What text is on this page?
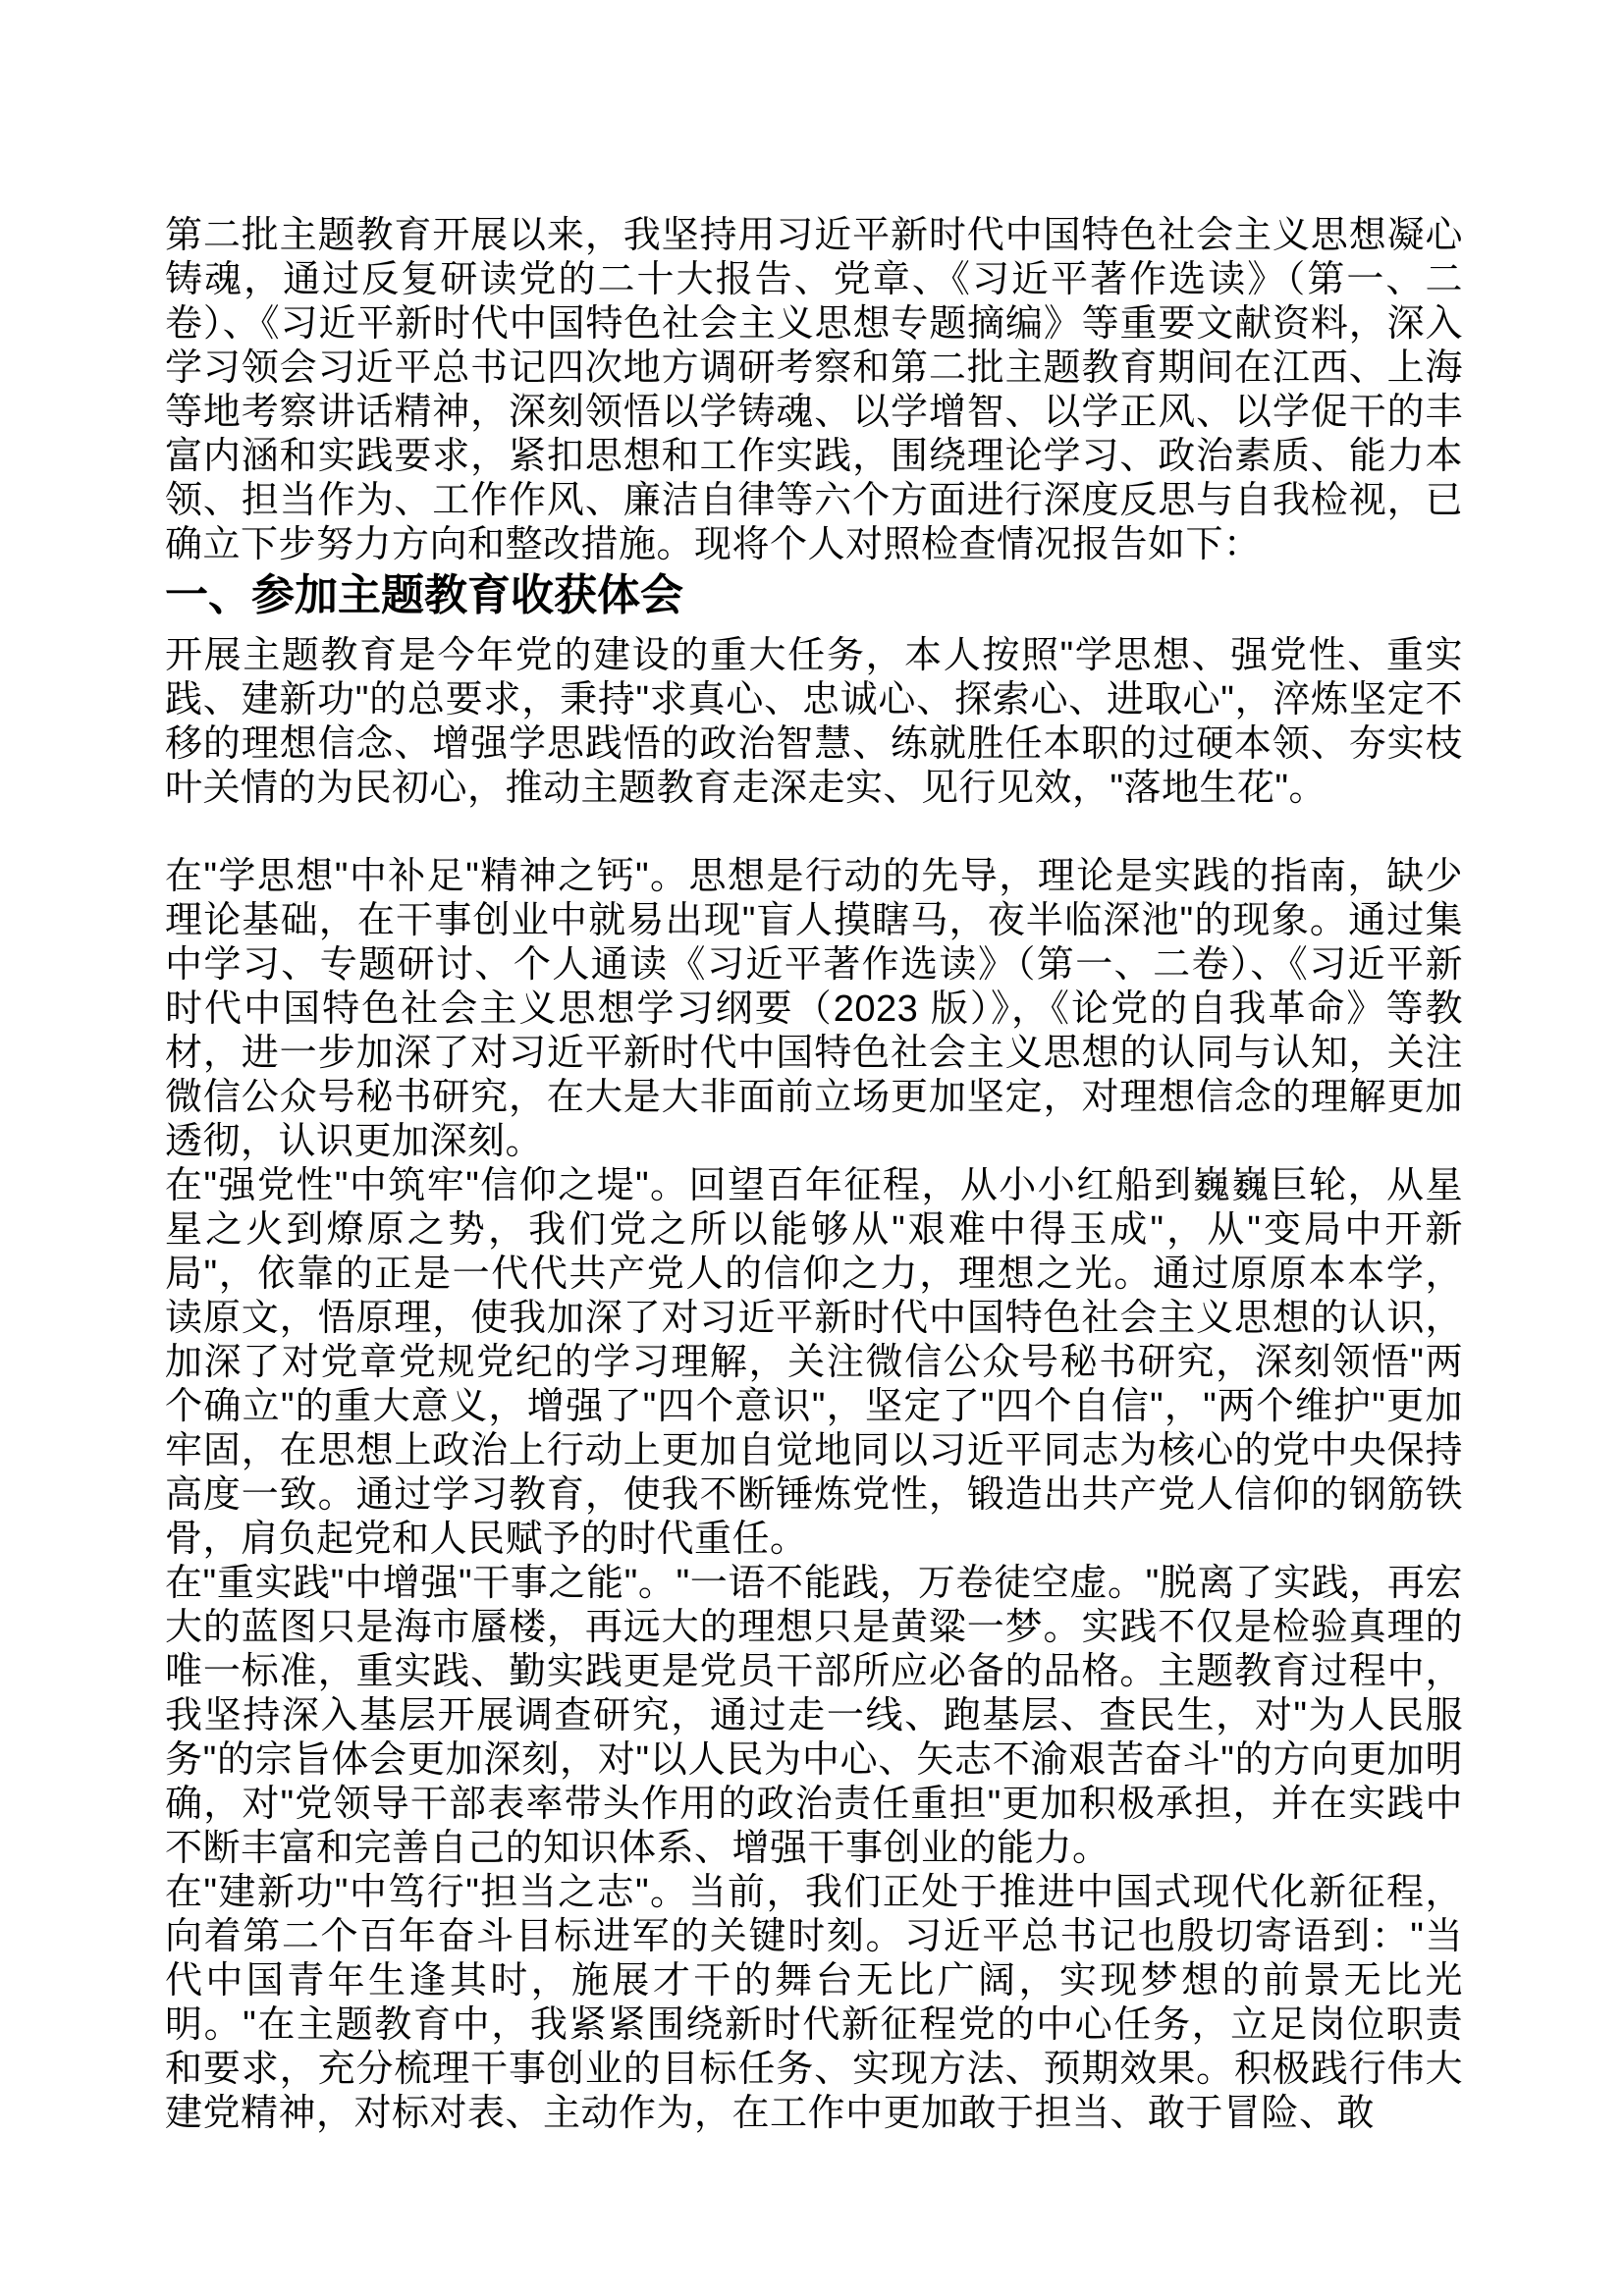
第二批主题教育开展以来，我坚持用习近平新时代中国特色社会主义思想凝心铸魂，通过反复研读党的二十大报告、党章、《习近平著作选读》（第一、二卷）、《习近平新时代中国特色社会主义思想专题摘编》等重要文献资料，深入学习领会习近平总书记四次地方调研考察和第二批主题教育期间在江西、上海等地考察讲话精神，深刻领悟以学铸魂、以学增智、以学正风、以学促干的丰富内涵和实践要求，紧扣思想和工作实践，围绕理论学习、政治素质、能力本领、担当作为、工作作风、廉洁自律等六个方面进行深度反思与自我检视，已确立下步努力方向和整改措施。现将个人对照检查情况报告如下：

一、参加主题教育收获体会

开展主题教育是今年党的建设的重大任务，本人按照"学思想、强党性、重实践、建新功"的总要求，秉持"求真心、忠诚心、探索心、进取心"，淬炼坚定不移的理想信念、增强学思践悟的政治智慧、练就胜任本职的过硬本领、夯实枝叶关情的为民初心，推动主题教育走深走实、见行见效，"落地生花"。

在"学思想"中补足"精神之钙"。思想是行动的先导，理论是实践的指南，缺少理论基础，在干事创业中就易出现"盲人摸瞎马，夜半临深池"的现象。通过集中学习、专题研讨、个人通读《习近平著作选读》（第一、二卷）、《习近平新时代中国特色社会主义思想学习纲要（2023 版）》，《论党的自我革命》等教材，进一步加深了对习近平新时代中国特色社会主义思想的认同与认知，关注微信公众号秘书研究，在大是大非面前立场更加坚定，对理想信念的理解更加透彻，认识更加深刻。

在"强党性"中筑牢"信仰之堤"。回望百年征程，从小小红船到巍巍巨轮，从星星之火到燎原之势，我们党之所以能够从"艰难中得玉成"，从"变局中开新局"，依靠的正是一代代共产党人的信仰之力，理想之光。通过原原本本学，读原文，悟原理，使我加深了对习近平新时代中国特色社会主义思想的认识，加深了对党章党规党纪的学习理解，关注微信公众号秘书研究，深刻领悟"两个确立"的重大意义，增强了"四个意识"，坚定了"四个自信"，"两个维护"更加牢固，在思想上政治上行动上更加自觉地同以习近平同志为核心的党中央保持高度一致。通过学习教育，使我不断锤炼党性，锻造出共产党人信仰的钢筋铁骨，肩负起党和人民赋予的时代重任。

在"重实践"中增强"干事之能"。"一语不能践，万卷徒空虚。"脱离了实践，再宏大的蓝图只是海市蜃楼，再远大的理想只是黄粱一梦。实践不仅是检验真理的唯一标准，重实践、勤实践更是党员干部所应必备的品格。主题教育过程中，我坚持深入基层开展调查研究，通过走一线、跑基层、查民生，对"为人民服务"的宗旨体会更加深刻，对"以人民为中心、矢志不渝艰苦奋斗"的方向更加明确，对"党领导干部表率带头作用的政治责任重担"更加积极承担，并在实践中不断丰富和完善自己的知识体系、增强干事创业的能力。

在"建新功"中笃行"担当之志"。当前，我们正处于推进中国式现代化新征程，向着第二个百年奋斗目标进军的关键时刻。习近平总书记也殷切寄语到："当代中国青年生逢其时，施展才干的舞台无比广阔，实现梦想的前景无比光明。"在主题教育中，我紧紧围绕新时代新征程党的中心任务，立足岗位职责和要求，充分梳理干事创业的目标任务、实现方法、预期效果。积极践行伟大建党精神，对标对表、主动作为，在工作中更加敢于担当、敢于冒险、敢
